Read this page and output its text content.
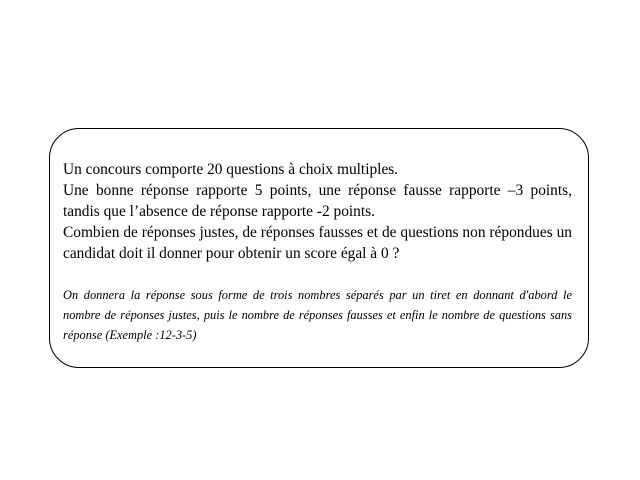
Un concours comporte 20 questions à choix multiples.

Une bonne réponse rapporte 5 points, une réponse fausse rapporte –3 points, tandis que l’absence de réponse rapporte -2 points.

Combien de réponses justes, de réponses fausses et de questions non répondues un candidat doit il donner pour obtenir un score égal à 0 ?

On donnera la réponse sous forme de trois nombres séparés par un tiret en donnant d'abord le nombre de réponses justes, puis le nombre de réponses fausses et enfin le nombre de questions sans réponse (Exemple :12-3-5)
